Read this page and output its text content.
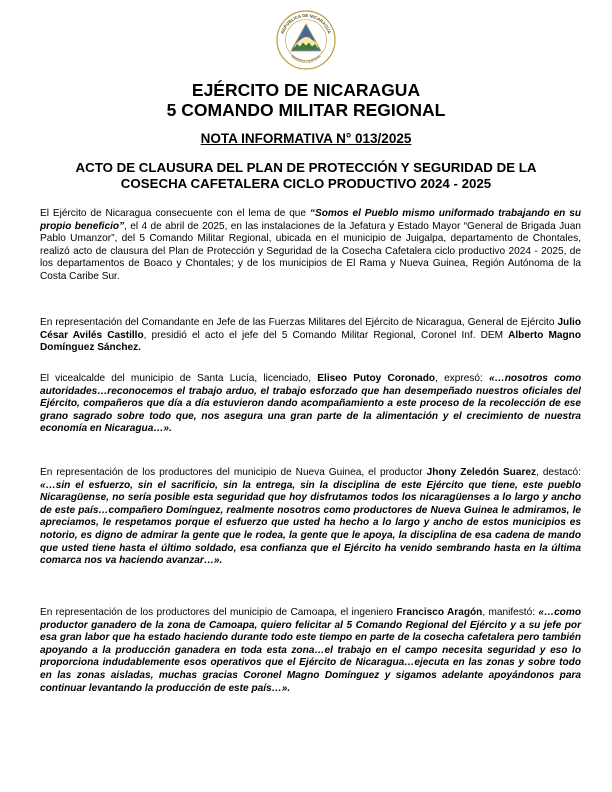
REPÚBLICA DE NICARAGUA
AMÉRICA CENTRAL
EJÉRCITO DE NICARAGUA
5 COMANDO MILITAR REGIONAL
NOTA INFORMATIVA N° 013/2025
ACTO DE CLAUSURA DEL PLAN DE PROTECCIÓN Y SEGURIDAD DE LA COSECHA CAFETALERA CICLO PRODUCTIVO 2024 - 2025

El Ejército de Nicaragua consecuente con el lema de que “Somos el Pueblo mismo uniformado trabajando en su propio beneficio”, el 4 de abril de 2025, en las instalaciones de la Jefatura y Estado Mayor “General de Brigada Juan Pablo Umanzor”, del 5 Comando Militar Regional, ubicada en el municipio de Juigalpa, departamento de Chontales, realizó acto de clausura del Plan de Protección y Seguridad de la Cosecha Cafetalera ciclo productivo 2024 - 2025, de los departamentos de Boaco y Chontales; y de los municipios de El Rama y Nueva Guinea, Región Autónoma de la Costa Caribe Sur.

En representación del Comandante en Jefe de las Fuerzas Militares del Ejército de Nicaragua, General de Ejército Julio César Avilés Castillo, presidió el acto el jefe del 5 Comando Militar Regional, Coronel Inf. DEM Alberto Magno Domínguez Sánchez.

El vicealcalde del municipio de Santa Lucía, licenciado, Eliseo Putoy Coronado, expresó: «…nosotros como autoridades…reconocemos el trabajo arduo, el trabajo esforzado que han desempeñado nuestros oficiales del Ejército, compañeros que día a día estuvieron dando acompañamiento a este proceso de la recolección de ese grano sagrado sobre todo que, nos asegura una gran parte de la alimentación y el crecimiento de nuestra economía en Nicaragua…».

En representación de los productores del municipio de Nueva Guinea, el productor Jhony Zeledón Suarez, destacó: «…sin el esfuerzo, sin el sacrificio, sin la entrega, sin la disciplina de este Ejército que tiene, este pueblo Nicaragüense, no sería posible esta seguridad que hoy disfrutamos todos los nicaragüenses a lo largo y ancho de este país…compañero Domínguez, realmente nosotros como productores de Nueva Guinea le admiramos, le apreciamos, le respetamos porque el esfuerzo que usted ha hecho a lo largo y ancho de estos municipios es notorio, es digno de admirar la gente que le rodea, la gente que le apoya, la disciplina de esa cadena de mando que usted tiene hasta el último soldado, esa confianza que el Ejército ha venido sembrando hasta en la última comarca nos va haciendo avanzar…».

En representación de los productores del municipio de Camoapa, el ingeniero Francisco Aragón, manifestó: «…como productor ganadero de la zona de Camoapa, quiero felicitar al 5 Comando Regional del Ejército y a su jefe por esa gran labor que ha estado haciendo durante todo este tiempo en parte de la cosecha cafetalera pero también apoyando a la producción ganadera en toda esta zona…el trabajo en el campo necesita seguridad y eso lo proporciona indudablemente esos operativos que el Ejército de Nicaragua…ejecuta en las zonas y sobre todo en las zonas aisladas, muchas gracias Coronel Magno Domínguez y sigamos adelante apoyándonos para continuar levantando la producción de este país…».
